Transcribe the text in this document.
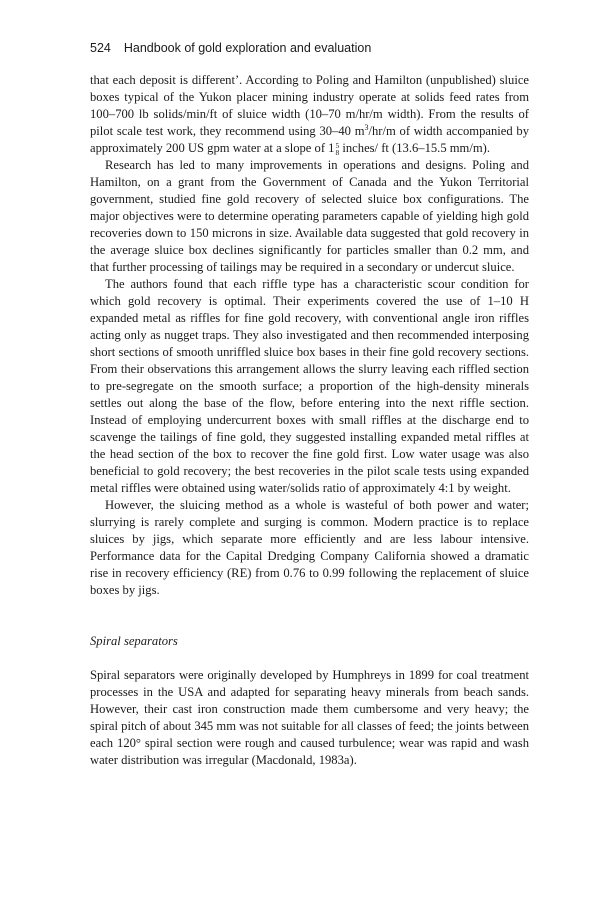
524 Handbook of gold exploration and evaluation

that each deposit is different’. According to Poling and Hamilton (unpublished) sluice boxes typical of the Yukon placer mining industry operate at solids feed rates from 100–700 lb solids/min/ft of sluice width (10–70 m/hr/m width). From the results of pilot scale test work, they recommend using 30–40 $m^3/hr/m$ of width accompanied by approximately 200 US gpm water at a slope of 1 5
8 inches/ ft (13.6–15.5 mm/m).

Research has led to many improvements in operations and designs. Poling and Hamilton, on a grant from the Government of Canada and the Yukon Territorial government, studied fine gold recovery of selected sluice box configurations. The major objectives were to determine operating parameters capable of yielding high gold recoveries down to 150 microns in size. Available data suggested that gold recovery in the average sluice box declines significantly for particles smaller than 0.2 mm, and that further processing of tailings may be required in a secondary or undercut sluice.

The authors found that each riffle type has a characteristic scour condition for which gold recovery is optimal. Their experiments covered the use of 1–10 H expanded metal as riffles for fine gold recovery, with conventional angle iron riffles acting only as nugget traps. They also investigated and then recommended interposing short sections of smooth unriffled sluice box bases in their fine gold recovery sections. From their observations this arrangement allows the slurry leaving each riffled section to pre-segregate on the smooth surface; a proportion of the high-density minerals settles out along the base of the flow, before entering into the next riffle section. Instead of employing undercurrent boxes with small riffles at the discharge end to scavenge the tailings of fine gold, they suggested installing expanded metal riffles at the head section of the box to recover the fine gold first. Low water usage was also beneficial to gold recovery; the best recoveries in the pilot scale tests using expanded metal riffles were obtained using water/solids ratio of approximately 4:1 by weight.

However, the sluicing method as a whole is wasteful of both power and water; slurrying is rarely complete and surging is common. Modern practice is to replace sluices by jigs, which separate more efficiently and are less labour intensive. Performance data for the Capital Dredging Company California showed a dramatic rise in recovery efficiency (RE) from 0.76 to 0.99 following the replacement of sluice boxes by jigs.

Spiral separators

Spiral separators were originally developed by Humphreys in 1899 for coal treatment processes in the USA and adapted for separating heavy minerals from beach sands. However, their cast iron construction made them cumbersome and very heavy; the spiral pitch of about 345 mm was not suitable for all classes of feed; the joints between each 120° spiral section were rough and caused turbulence; wear was rapid and wash water distribution was irregular (Macdonald, 1983a).
